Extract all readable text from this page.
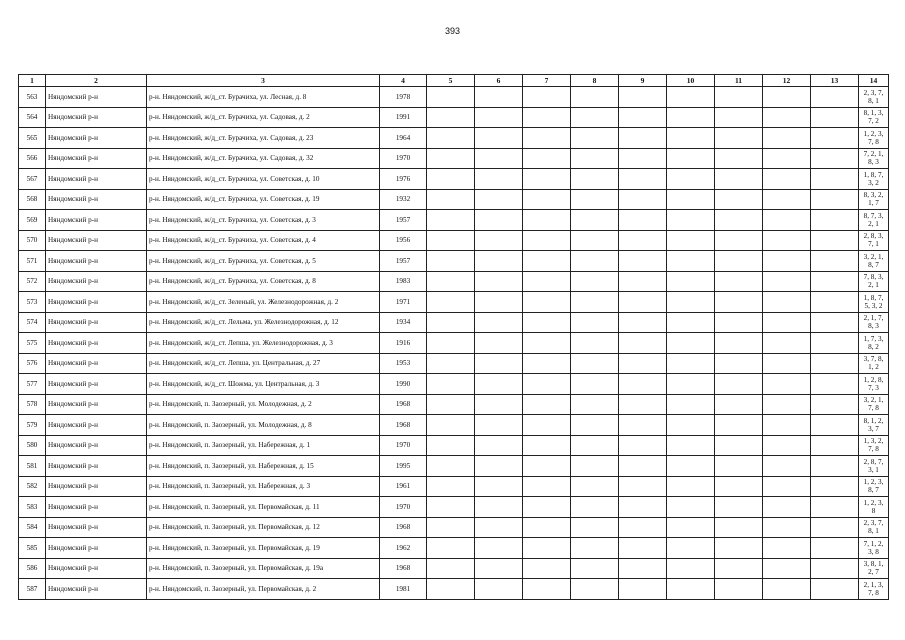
393
1	2	3	4	5	6	7	8	9	10	11	12	13	14
563	Няндомский р-н	р-н. Няндомский, ж/д_ст. Бурачиха, ул. Лесная, д. 8	1978										2, 3, 7, 8, 1
564	Няндомский р-н	р-н. Няндомский, ж/д_ст. Бурачиха, ул. Садовая, д. 2	1991										8, 1, 3, 7, 2
565	Няндомский р-н	р-н. Няндомский, ж/д_ст. Бурачиха, ул. Садовая, д. 23	1964										1, 2, 3, 7, 8
566	Няндомский р-н	р-н. Няндомский, ж/д_ст. Бурачиха, ул. Садовая, д. 32	1970										7, 2, 1, 8, 3
567	Няндомский р-н	р-н. Няндомский, ж/д_ст. Бурачиха, ул. Советская, д. 10	1976										1, 8, 7, 3, 2
568	Няндомский р-н	р-н. Няндомский, ж/д_ст. Бурачиха, ул. Советская, д. 19	1932										8, 3, 2, 1, 7
569	Няндомский р-н	р-н. Няндомский, ж/д_ст. Бурачиха, ул. Советская, д. 3	1957										8, 7, 3, 2, 1
570	Няндомский р-н	р-н. Няндомский, ж/д_ст. Бурачиха, ул. Советская, д. 4	1956										2, 8, 3, 7, 1
571	Няндомский р-н	р-н. Няндомский, ж/д_ст. Бурачиха, ул. Советская, д. 5	1957										3, 2, 1, 8, 7
572	Няндомский р-н	р-н. Няндомский, ж/д_ст. Бурачиха, ул. Советская, д. 8	1983										7, 8, 3, 2, 1
573	Няндомский р-н	р-н. Няндомский, ж/д_ст. Зеленый, ул. Железнодорожная, д. 2	1971										1, 8, 7, 5, 3, 2
574	Няндомский р-н	р-н. Няндомский, ж/д_ст. Лельма, ул. Железнодорожная, д. 12	1934										2, 1, 7, 8, 3
575	Няндомский р-н	р-н. Няндомский, ж/д_ст. Лепша, ул. Железнодорожная, д. 3	1916										1, 7, 3, 8, 2
576	Няндомский р-н	р-н. Няндомский, ж/д_ст. Лепша, ул. Центральная, д. 27	1953										3, 7, 8, 1, 2
577	Няндомский р-н	р-н. Няндомский, ж/д_ст. Шожма, ул. Центральная, д. 3	1990										1, 2, 8, 7, 3
578	Няндомский р-н	р-н. Няндомский, п. Заозерный, ул. Молодежная, д. 2	1968										3, 2, 1, 7, 8
579	Няндомский р-н	р-н. Няндомский, п. Заозерный, ул. Молодежная, д. 8	1968										8, 1, 2, 3, 7
580	Няндомский р-н	р-н. Няндомский, п. Заозерный, ул. Набережная, д. 1	1970										1, 3, 2, 7, 8
581	Няндомский р-н	р-н. Няндомский, п. Заозерный, ул. Набережная, д. 15	1995										2, 8, 7, 3, 1
582	Няндомский р-н	р-н. Няндомский, п. Заозерный, ул. Набережная, д. 3	1961										1, 2, 3, 8, 7
583	Няндомский р-н	р-н. Няндомский, п. Заозерный, ул. Первомайская, д. 11	1970										1, 2, 3, 8
584	Няндомский р-н	р-н. Няндомский, п. Заозерный, ул. Первомайская, д. 12	1968										2, 3, 7, 8, 1
585	Няндомский р-н	р-н. Няндомский, п. Заозерный, ул. Первомайская, д. 19	1962										7, 1, 2, 3, 8
586	Няндомский р-н	р-н. Няндомский, п. Заозерный, ул. Первомайская, д. 19а	1968										3, 8, 1, 2, 7
587	Няндомский р-н	р-н. Няндомский, п. Заозерный, ул. Первомайская, д. 2	1981										2, 1, 3, 7, 8
